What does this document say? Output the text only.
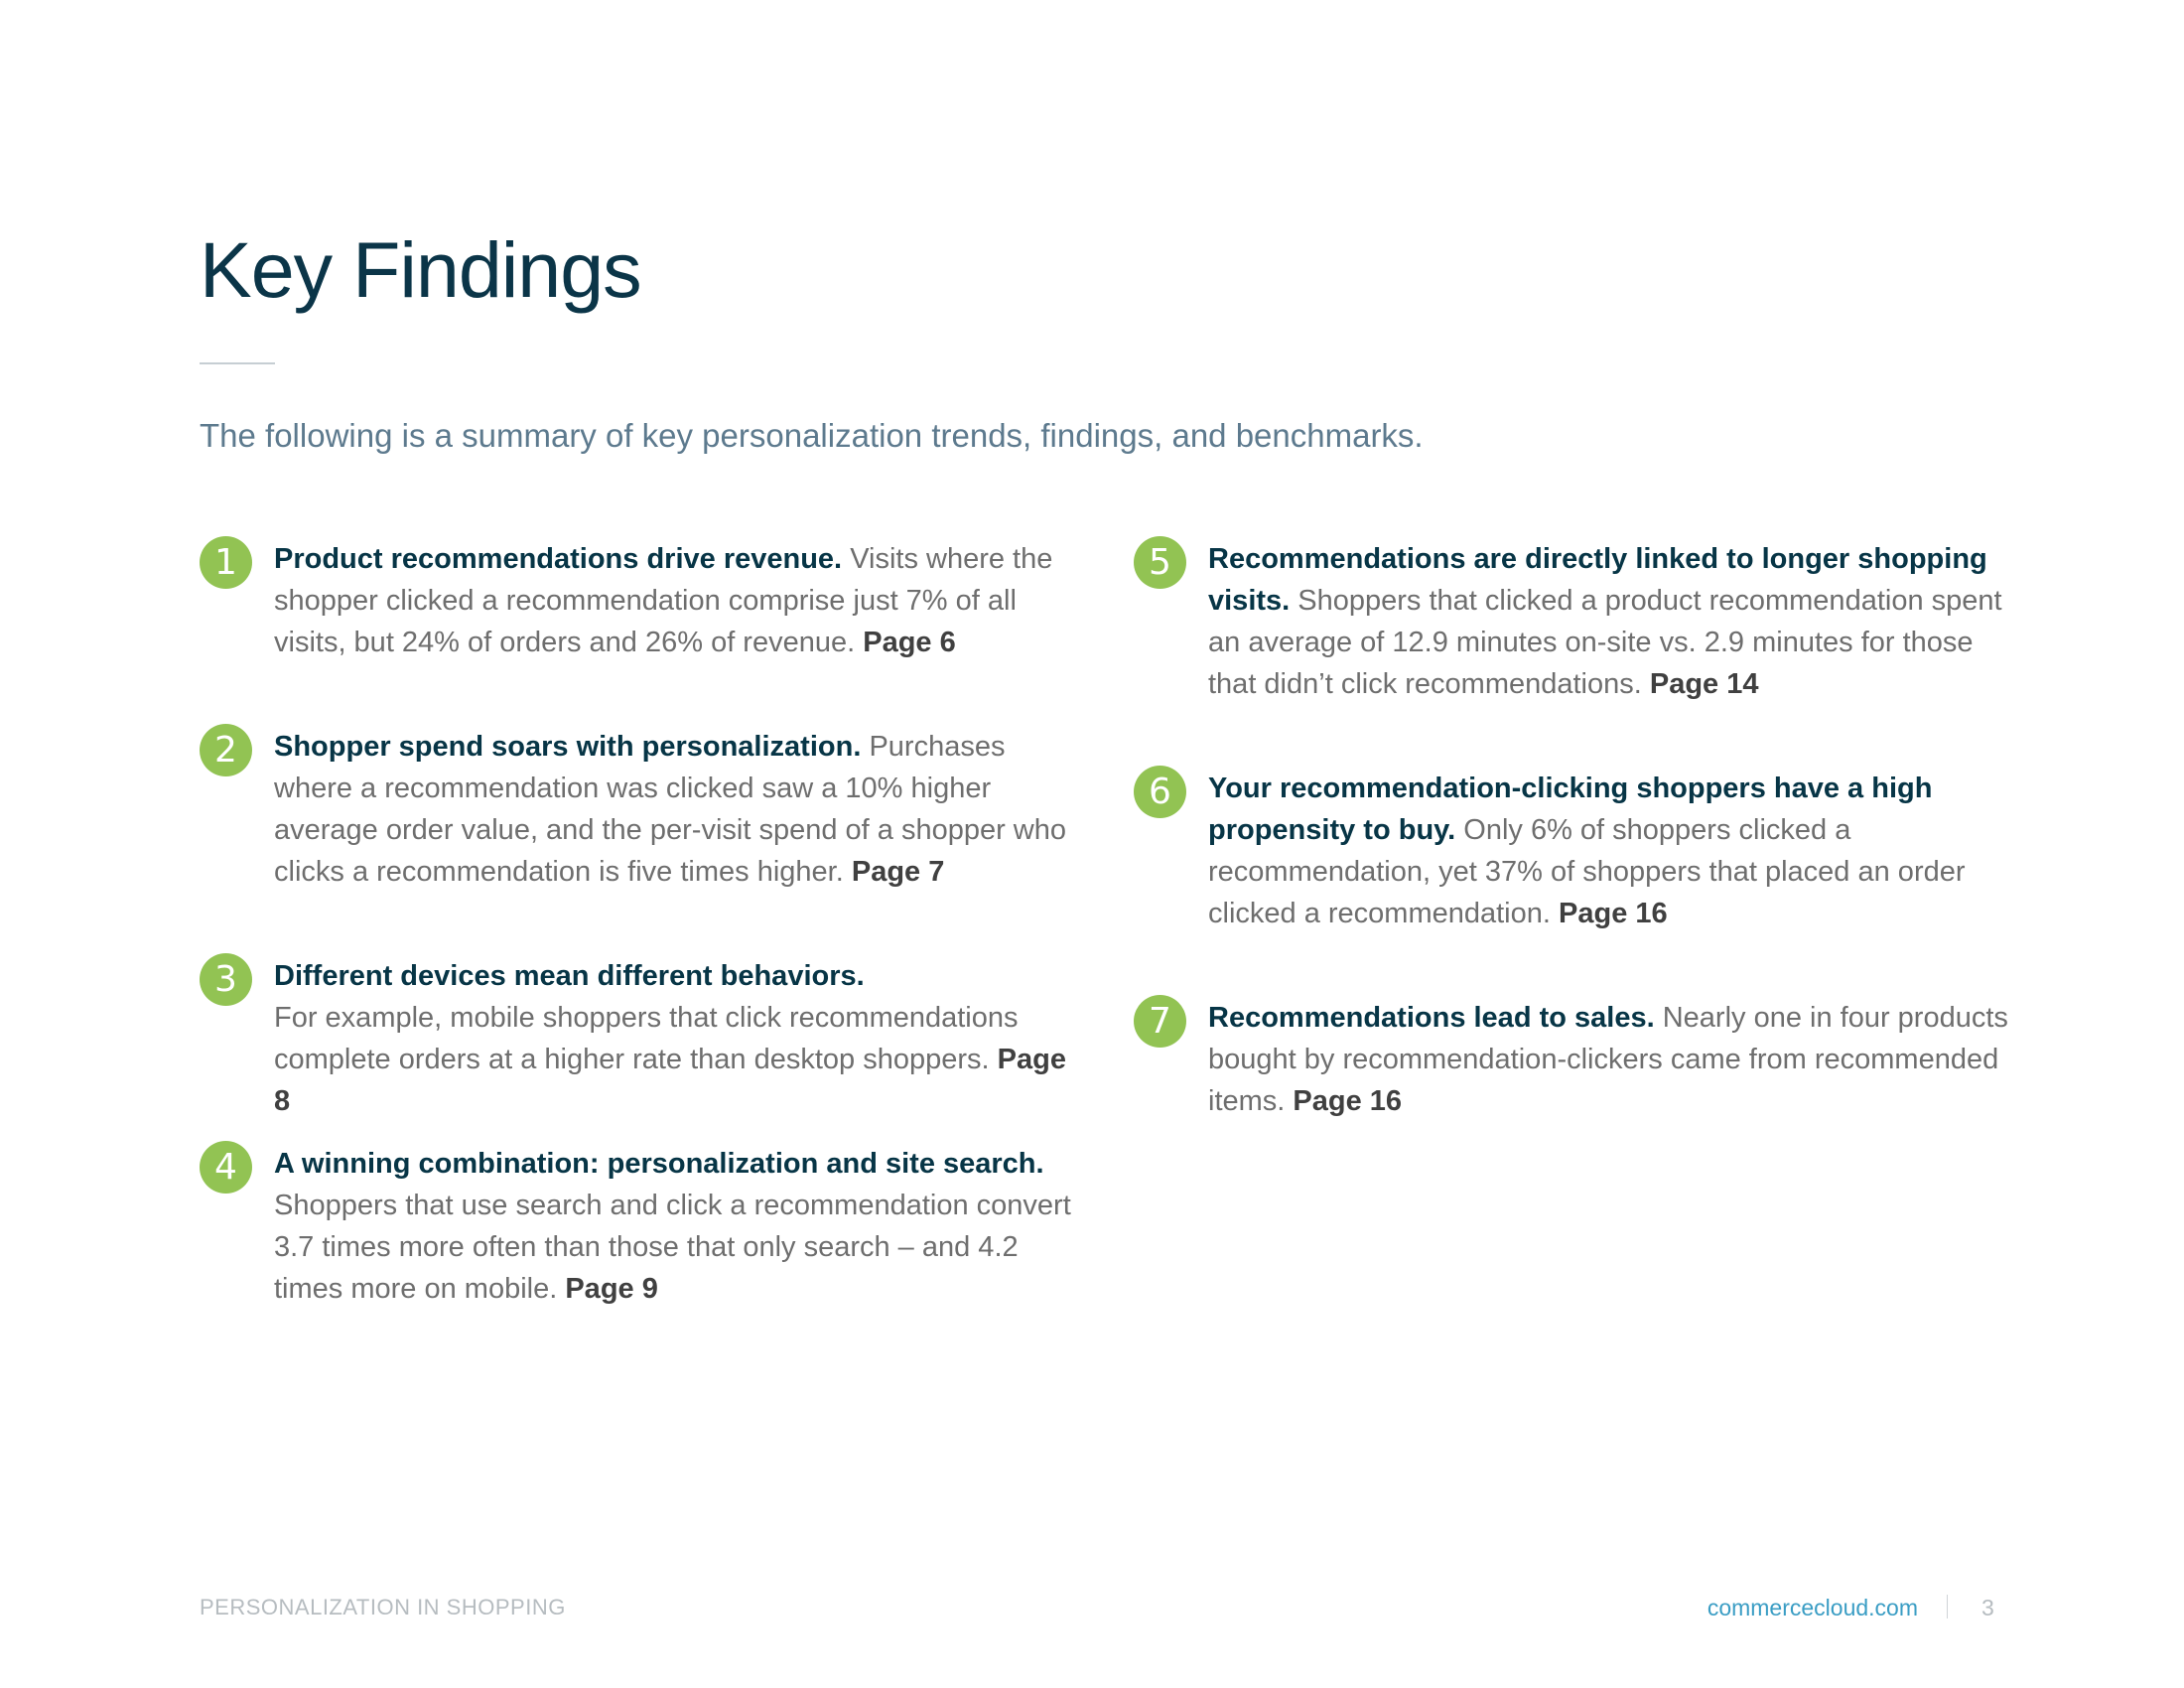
Key Findings

The following is a summary of key personalization trends, findings, and benchmarks.

1	Product recommendations drive revenue. Visits where the shopper clicked a recommendation comprise just 7% of all visits, but 24% of orders and 26% of revenue. Page 6

2	Shopper spend soars with personalization. Purchases where a recommendation was clicked saw a 10% higher average order value, and the per-visit spend of a shopper who clicks a recommendation is five times higher. Page 7

3	Different devices mean different behaviors.
For example, mobile shoppers that click recommendations complete orders at a higher rate than desktop shoppers. Page 8

4	A winning combination: personalization and site search.
Shoppers that use search and click a recommendation convert 3.7 times more often than those that only search – and 4.2 times more on mobile. Page 9

5	Recommendations are directly linked to longer shopping visits. Shoppers that clicked a product recommendation spent an average of 12.9 minutes on-site vs. 2.9 minutes for those that didn’t click recommendations. Page 14

6	Your recommendation-clicking shoppers have a high propensity to buy. Only 6% of shoppers clicked a recommendation, yet 37% of shoppers that placed an order clicked a recommendation. Page 16

7	Recommendations lead to sales. Nearly one in four products bought by recommendation-clickers came from recommended items. Page 16

PERSONALIZATION IN SHOPPING	commercecloud.com	3
